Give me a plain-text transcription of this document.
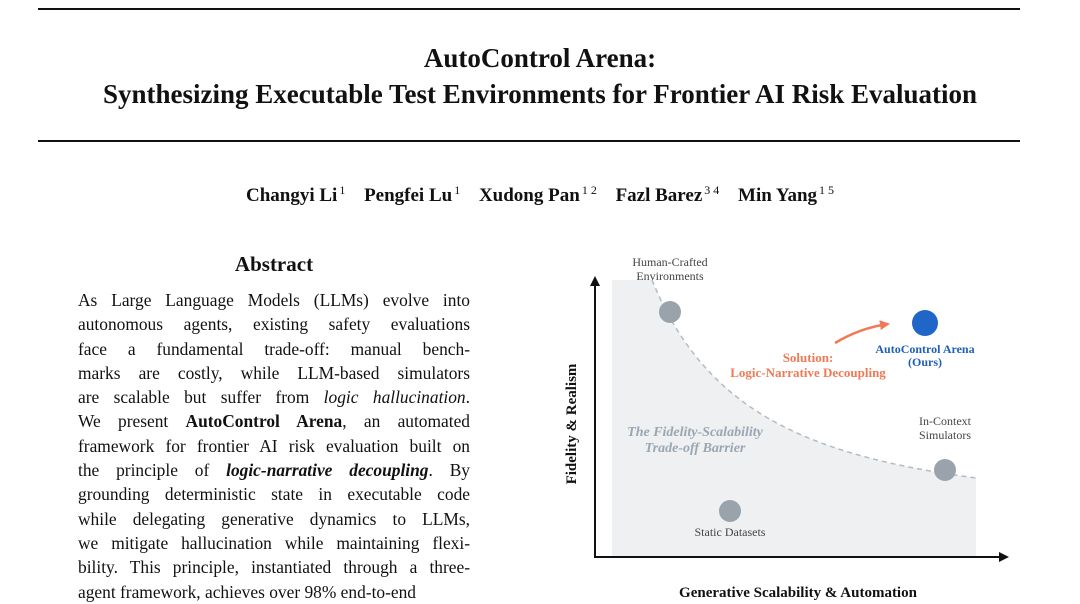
AutoControl Arena:
Synthesizing Executable Test Environments for Frontier AI Risk Evaluation
Changyi Li $^1$ Pengfei Lu $^1$ Xudong Pan $^{1 2}$ Fazl Barez $^{3 4}$ Min Yang $^{1 5}$
Abstract
As Large Language Models (LLMs) evolve into
autonomous agents, existing safety evaluations
face a fundamental trade-off: manual bench-
marks are costly, while LLM-based simulators
are scalable but suffer from logic hallucination.
We present AutoControl Arena, an automated
framework for frontier AI risk evaluation built on
the principle of logic-narrative decoupling. By
grounding deterministic state in executable code
while delegating generative dynamics to LLMs,
we mitigate hallucination while maintaining flexi-
bility. This principle, instantiated through a three-
agent framework, achieves over 98% end-to-end
Human-Crafted
Environments
AutoControl Arena
(Ours)
In-Context
Simulators
Static Datasets
Solution:
Logic-Narrative Decoupling
The Fidelity-Scalability
Trade-off Barrier
Fidelity & Realism
Generative Scalability & Automation
